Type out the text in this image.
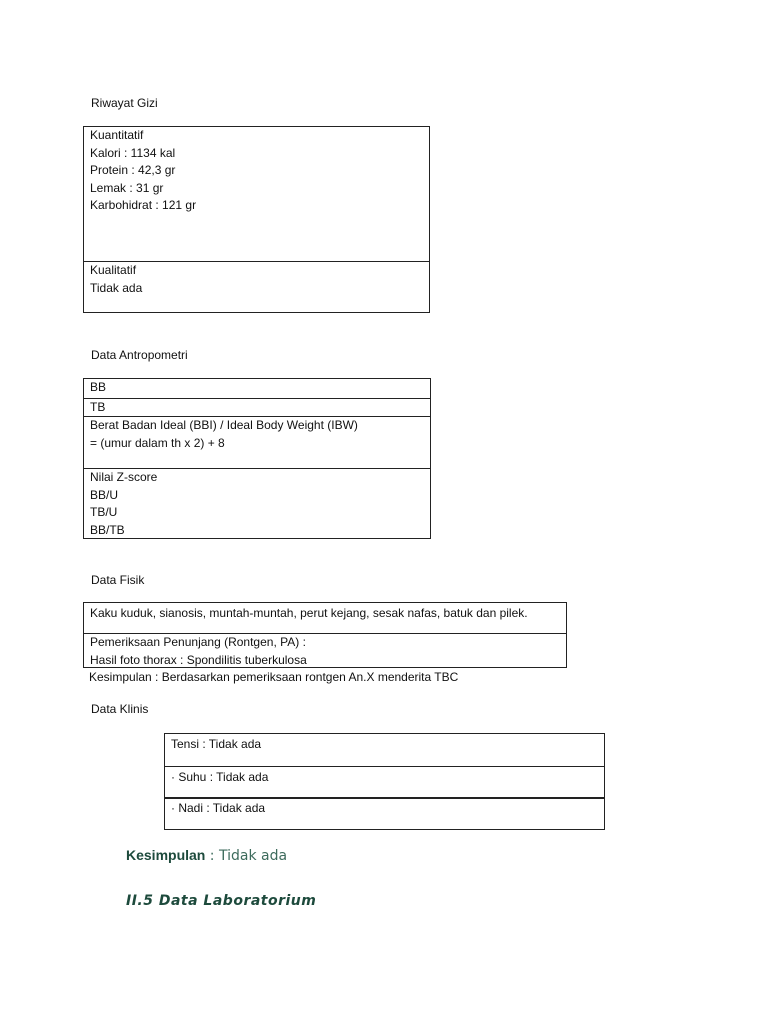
Riwayat Gizi
Kuantitatif
Kalori : 1134 kal
Protein : 42,3 gr
Lemak : 31 gr
Karbohidrat : 121 gr
Kualitatif
Tidak ada
Data Antropometri
BB
TB
Berat Badan Ideal (BBI) / Ideal Body Weight (IBW)
= (umur dalam th x 2) + 8
Nilai Z-score
BB/U
TB/U
BB/TB
Data Fisik
Kaku kuduk, sianosis, muntah-muntah, perut kejang, sesak nafas, batuk dan pilek.
Pemeriksaan Penunjang (Rontgen, PA) :
Hasil foto thorax : Spondilitis tuberkulosa
Kesimpulan : Berdasarkan pemeriksaan rontgen An.X menderita TBC
Data Klinis
Tensi : Tidak ada
· Suhu : Tidak ada
· Nadi : Tidak ada
Kesimpulan : Tidak ada
II.5 Data Laboratorium
